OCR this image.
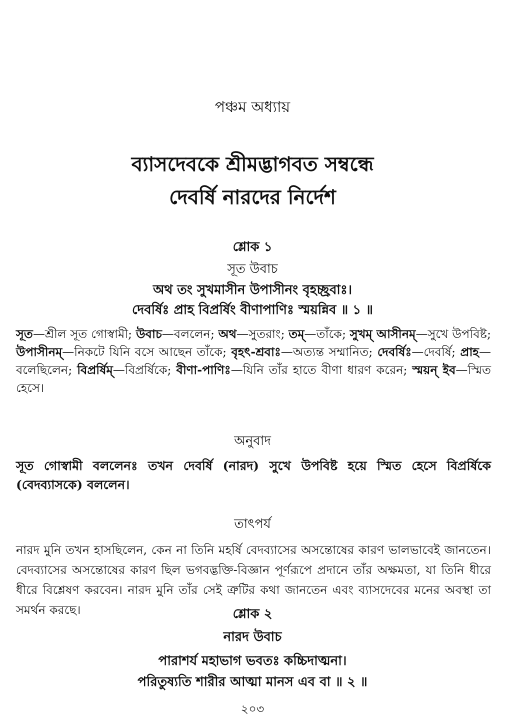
পঞ্চম অধ্যায়
ব্যাসদেবকে শ্রীমদ্ভাগবত সম্বন্ধে
দেবর্ষি নারদের নির্দেশ
শ্লোক ১
সূত উবাচ
অথ তং সুখমাসীন উপাসীনং বৃহচ্ছ্রবাঃ।
দেবর্ষিঃ প্রাহ বিপ্রর্ষিং বীণাপাণিঃ স্ময়ন্নিব ॥ ১ ॥
সূত—শ্রীল সূত গোস্বামী; উবাচ—বললেন; অথ—সুতরাং; তম্—তাঁকে; সুখম্ আসীনম্—সুখে উপবিষ্ট; উপাসীনম্—নিকটে যিনি বসে আছেন তাঁকে; বৃহৎ-শ্রবাঃ—অত্যন্ত সম্মানিত; দেবর্ষিঃ—দেবর্ষি; প্রাহ—বলেছিলেন; বিপ্রর্ষিম্—বিপ্রর্ষিকে; বীণা-পাণিঃ—যিনি তাঁর হাতে বীণা ধারণ করেন; স্ময়ন্ ইব—স্মিত হেসে।
অনুবাদ
সূত গোস্বামী বললেনঃ তখন দেবর্ষি (নারদ) সুখে উপবিষ্ট হয়ে স্মিত হেসে বিপ্রর্ষিকে (বেদব্যাসকে) বললেন।
তাৎপর্য
নারদ মুনি তখন হাসছিলেন, কেন না তিনি মহর্ষি বেদব্যাসের অসন্তোষের কারণ ভালভাবেই জানতেন। বেদব্যাসের অসন্তোষের কারণ ছিল ভগবদ্ভক্তি-বিজ্ঞান পূর্ণরূপে প্রদানে তাঁর অক্ষমতা, যা তিনি ধীরে ধীরে বিশ্লেষণ করবেন। নারদ মুনি তাঁর সেই ত্রুটির কথা জানতেন এবং ব্যাসদেবের মনের অবস্থা তা সমর্থন করছে।	শ্লোক ২
নারদ উবাচ
পারাশর্য মহাভাগ ভবতঃ কচ্চিদাত্মনা।
পরিতুষ্যতি শারীর আত্মা মানস এব বা ॥ ২ ॥
২০৩
